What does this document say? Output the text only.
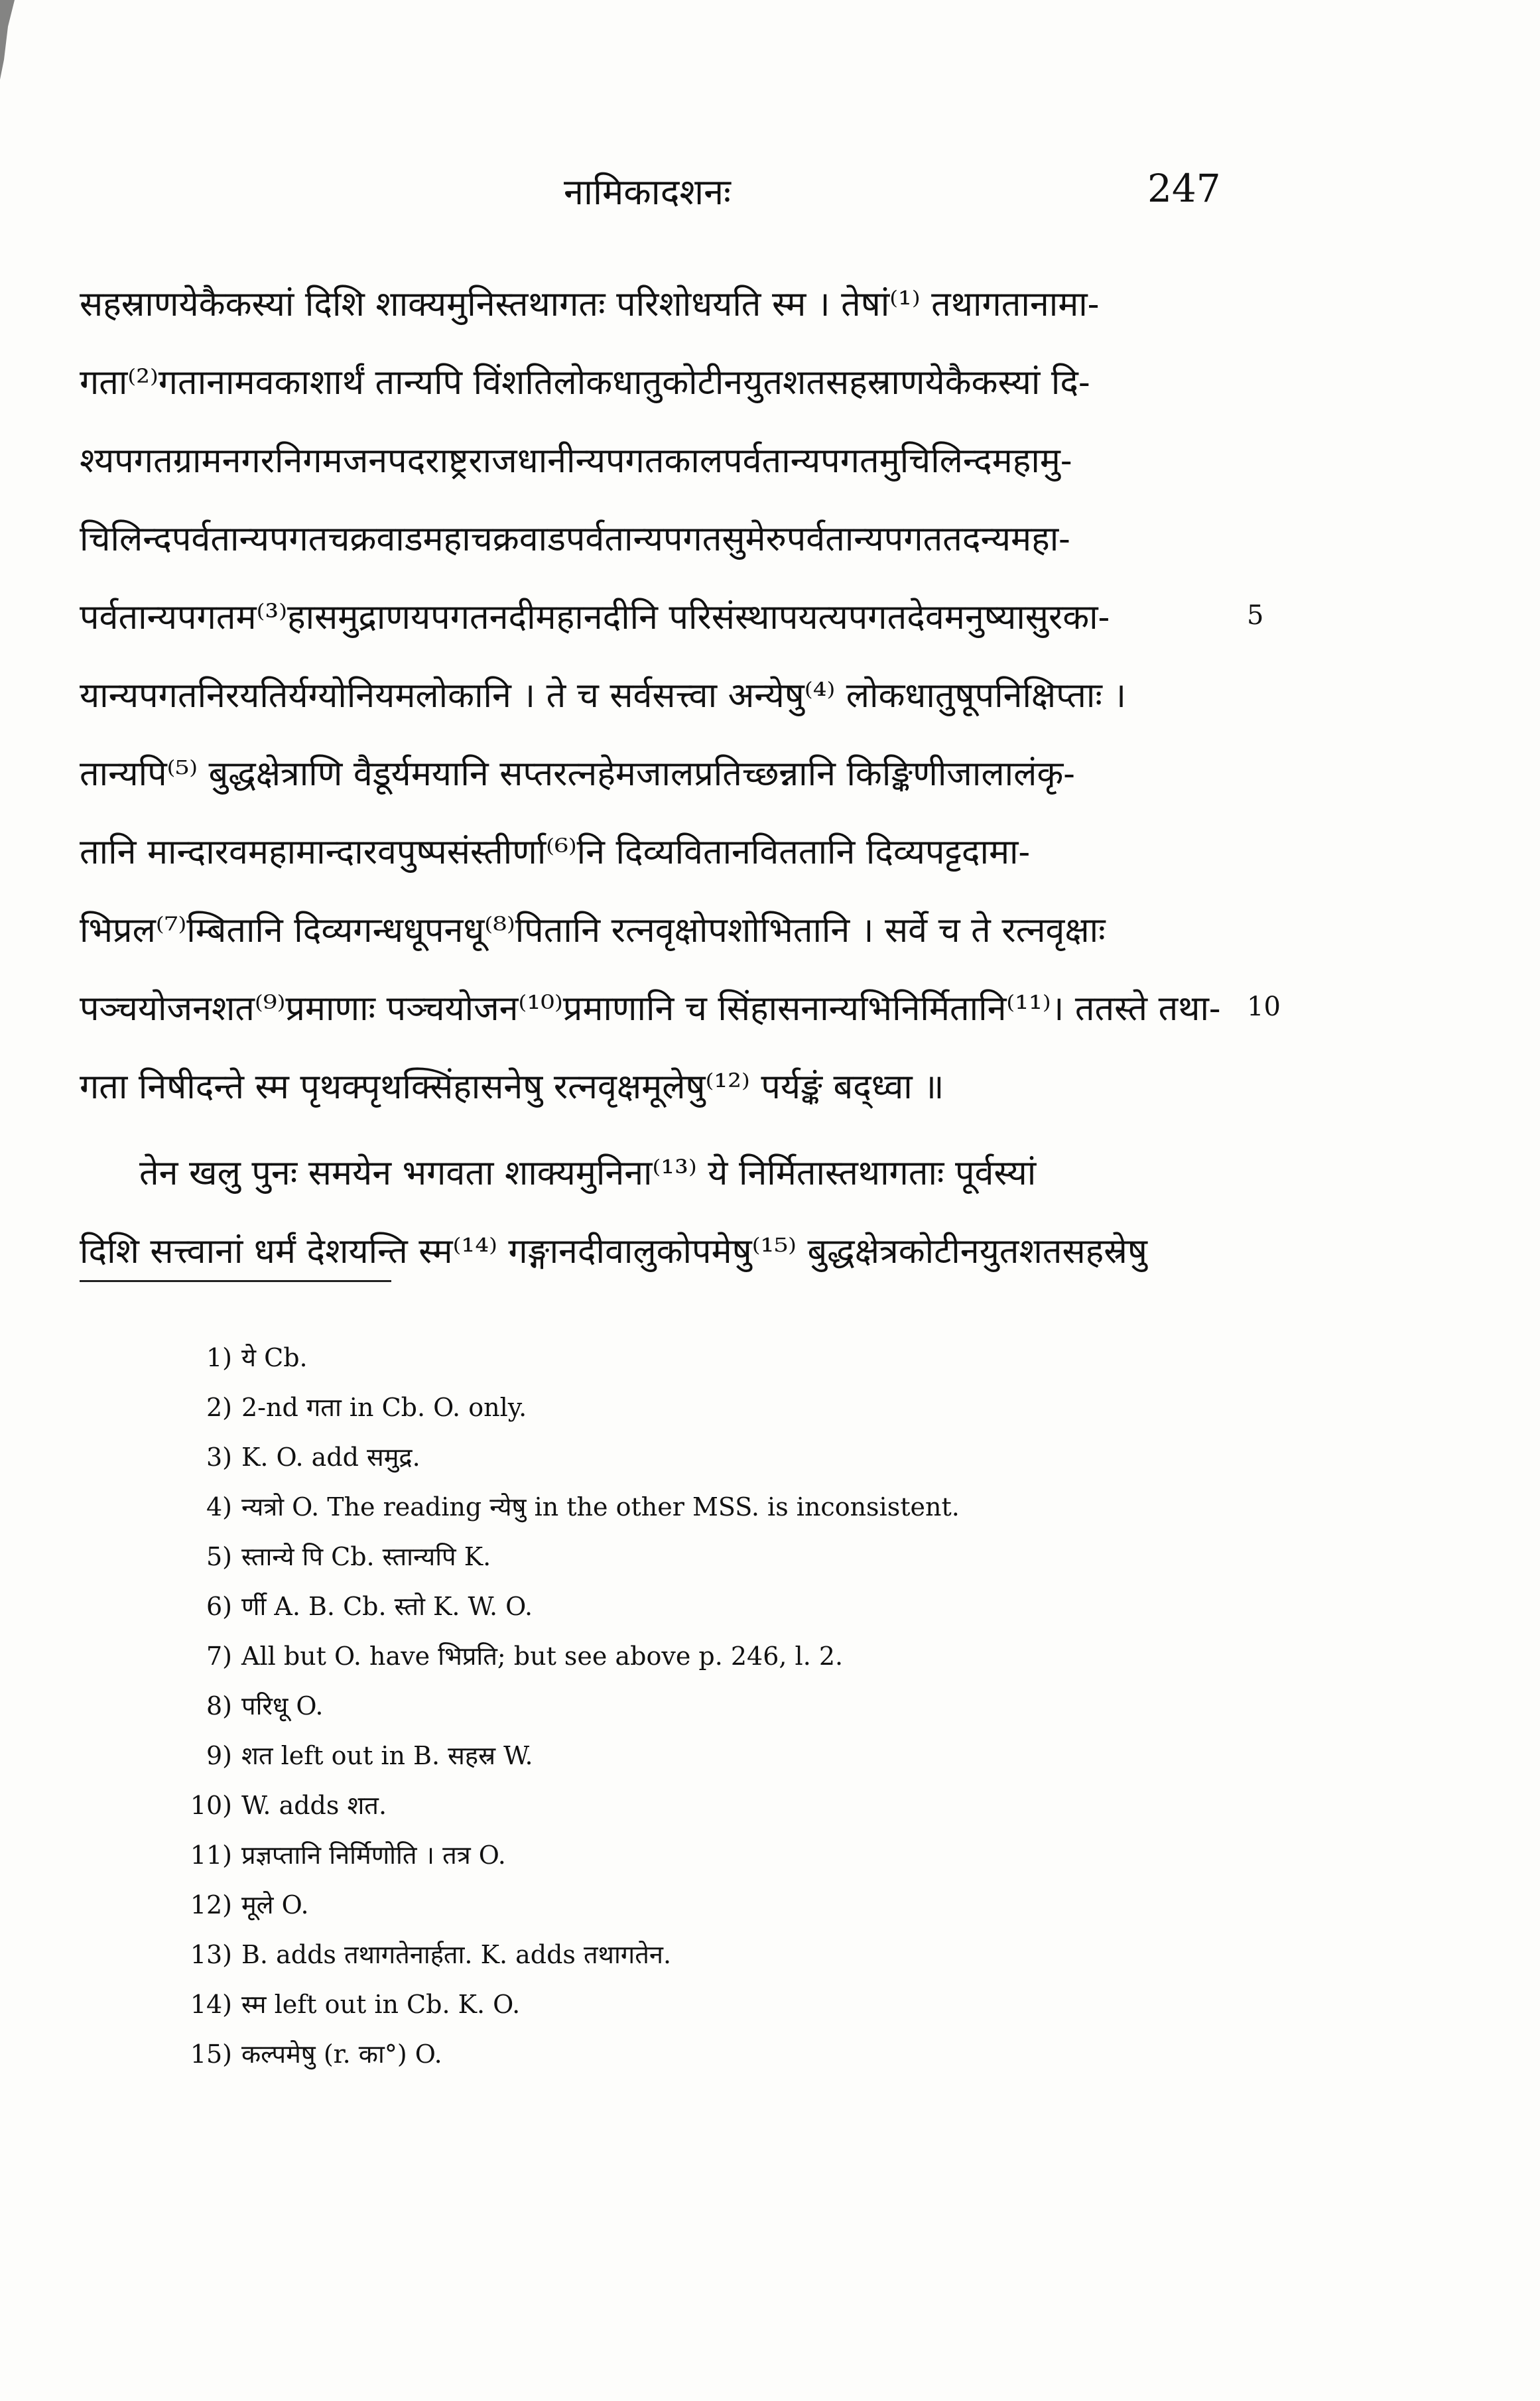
नामिकादशनः	247
सहस्राणयेकैकस्यां दिशि शाक्यमुनिस्तथागतः परिशोधयति स्म । तेषां⁽¹⁾ तथागतानामा-
गता⁽²⁾गतानामवकाशार्थं तान्यपि विंशतिलोकधातुकोटीनयुतशतसहस्राणयेकैकस्यां दि-
श्यपगतग्रामनगरनिगमजनपदराष्ट्रराजधानीन्यपगतकालपर्वतान्यपगतमुचिलिन्दमहामु-
चिलिन्दपर्वतान्यपगतचक्रवाडमहाचक्रवाडपर्वतान्यपगतसुमेरुपर्वतान्यपगततदन्यमहा-
पर्वतान्यपगतम⁽³⁾हासमुद्राणयपगतनदीमहानदीनि परिसंस्थापयत्यपगतदेवमनुष्यासुरका-
यान्यपगतनिरयतिर्यग्योनियमलोकानि । ते च सर्वसत्त्वा अन्येषु⁽⁴⁾ लोकधातुषूपनिक्षिप्ताः ।
तान्यपि⁽⁵⁾ बुद्धक्षेत्राणि वैडूर्यमयानि सप्तरत्नहेमजालप्रतिच्छन्नानि किङ्किणीजालालंकृ-
तानि मान्दारवमहामान्दारवपुष्पसंस्तीर्णा⁽⁶⁾नि दिव्यवितानविततानि दिव्यपट्टदामा-
भिप्रल⁽⁷⁾म्बितानि दिव्यगन्धधूपनधू⁽⁸⁾पितानि रत्नवृक्षोपशोभितानि । सर्वे च ते रत्नवृक्षाः
पञ्चयोजनशत⁽⁹⁾प्रमाणाः पञ्चयोजन⁽¹⁰⁾प्रमाणानि च सिंहासनान्यभिनिर्मितानि⁽¹¹⁾। ततस्ते तथा-
गता निषीदन्ते स्म पृथक्पृथक्सिंहासनेषु रत्नवृक्षमूलेषु⁽¹²⁾ पर्यङ्कं बद्ध्वा ॥
तेन खलु पुनः समयेन भगवता शाक्यमुनिना⁽¹³⁾ ये निर्मितास्तथागताः पूर्वस्यां
दिशि सत्त्वानां धर्मं देशयन्ति स्म⁽¹⁴⁾ गङ्गानदीवालुकोपमेषु⁽¹⁵⁾ बुद्धक्षेत्रकोटीनयुतशतसहस्रेषु
5
10
1) ये Cb.
2) 2-nd गता in Cb. O. only.
3) K. O. add समुद्र.
4) न्यत्रो O. The reading न्येषु in the other MSS. is inconsistent.
5) स्तान्ये पि Cb. स्तान्यपि K.
6) र्णी A. B. Cb. स्तो K. W. O.
7) All but O. have भिप्रति; but see above p. 246, l. 2.
8) परिधू O.
9) शत left out in B. सहस्र W.
10) W. adds शत.
11) प्रज्ञप्तानि निर्मिणोति । तत्र O.
12) मूले O.
13) B. adds तथागतेनार्हता. K. adds तथागतेन.
14) स्म left out in Cb. K. O.
15) कल्पमेषु (r. का°) O.
